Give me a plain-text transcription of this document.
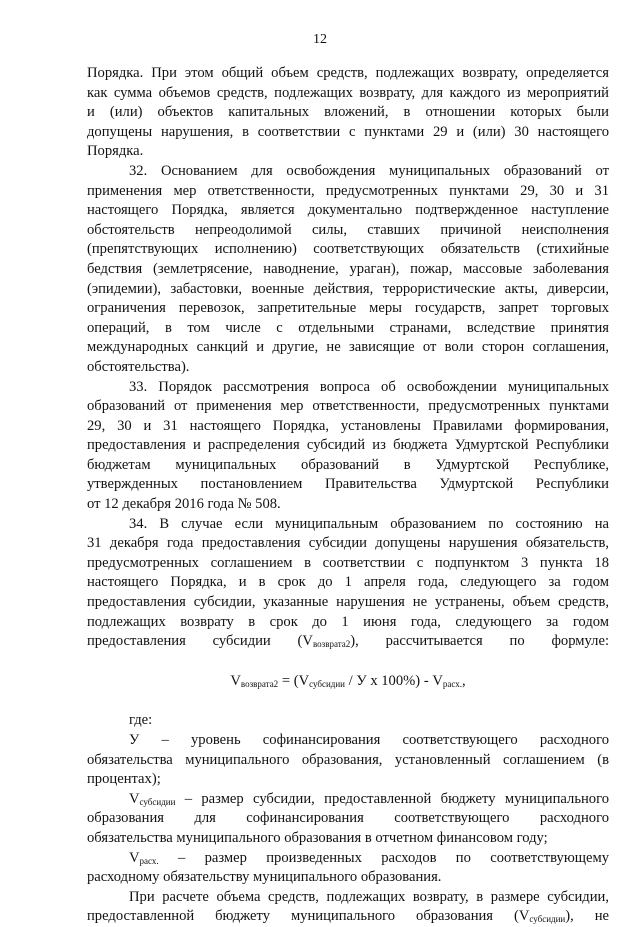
12
Порядка. При этом общий объем средств, подлежащих возврату, определяется
как сумма объемов средств, подлежащих возврату, для каждого из мероприятий
и (или) объектов капитальных вложений, в отношении которых были
допущены нарушения, в соответствии с пунктами 29 и (или) 30 настоящего
Порядка.
32. Основанием для освобождения муниципальных образований от
применения мер ответственности, предусмотренных пунктами 29, 30 и 31
настоящего Порядка, является документально подтвержденное наступление
обстоятельств непреодолимой силы, ставших причиной неисполнения
(препятствующих исполнению) соответствующих обязательств (стихийные
бедствия (землетрясение, наводнение, ураган), пожар, массовые заболевания
(эпидемии), забастовки, военные действия, террористические акты, диверсии,
ограничения перевозок, запретительные меры государств, запрет торговых
операций, в том числе с отдельными странами, вследствие принятия
международных санкций и другие, не зависящие от воли сторон соглашения,
обстоятельства).
33. Порядок рассмотрения вопроса об освобождении муниципальных
образований от применения мер ответственности, предусмотренных пунктами
29, 30 и 31 настоящего Порядка, установлены Правилами формирования,
предоставления и распределения субсидий из бюджета Удмуртской Республики
бюджетам муниципальных образований в Удмуртской Республике,
утвержденных постановлением Правительства Удмуртской Республики
от 12 декабря 2016 года № 508.
34. В случае если муниципальным образованием по состоянию на
31 декабря года предоставления субсидии допущены нарушения обязательств,
предусмотренных соглашением в соответствии с подпунктом 3 пункта 18
настоящего Порядка, и в срок до 1 апреля года, следующего за годом
предоставления субсидии, указанные нарушения не устранены, объем средств,
подлежащих возврату в срок до 1 июня года, следующего за годом
предоставления субсидии $(V_{возврата2})$, рассчитывается по формуле:
$V_{возврата2} = (V_{субсидии} / У$ х $100\%) - V_{расх.}$,
где:
У – уровень софинансирования соответствующего расходного
обязательства муниципального образования, установленный соглашением (в
процентах);
$V_{субсидии}$ – размер субсидии, предоставленной бюджету муниципального
образования для софинансирования соответствующего расходного
обязательства муниципального образования в отчетном финансовом году;
$V_{расх.}$ – размер произведенных расходов по соответствующему
расходному обязательству муниципального образования.
При расчете объема средств, подлежащих возврату, в размере субсидии,
предоставленной бюджету муниципального образования $(V_{субсидии})$, не
